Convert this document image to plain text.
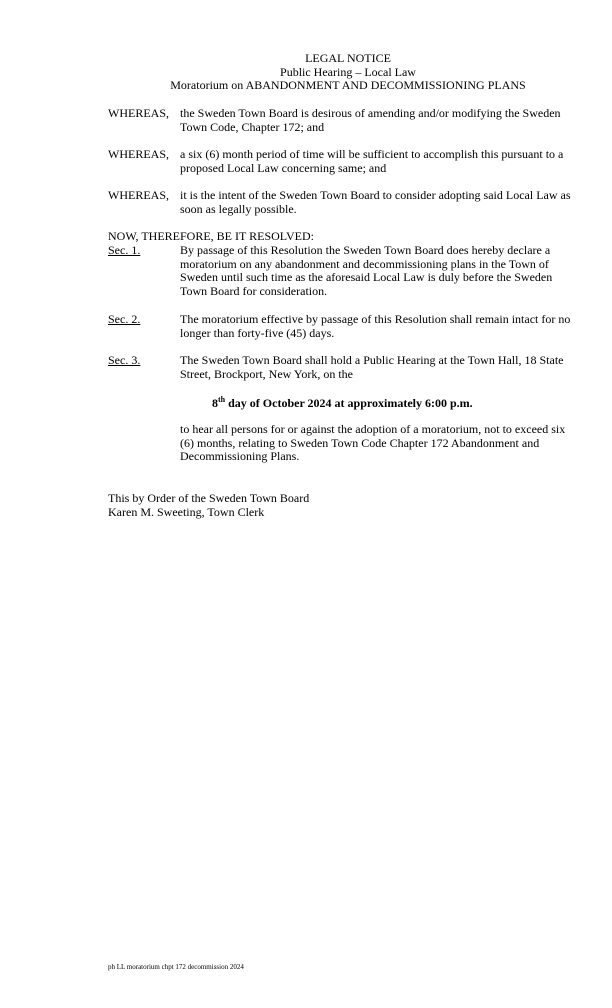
LEGAL NOTICE
Public Hearing – Local Law
Moratorium on ABANDONMENT AND DECOMMISSIONING PLANS
WHEREAS, the Sweden Town Board is desirous of amending and/or modifying the Sweden Town Code, Chapter 172; and
WHEREAS, a six (6) month period of time will be sufficient to accomplish this pursuant to a proposed Local Law concerning same; and
WHEREAS, it is the intent of the Sweden Town Board to consider adopting said Local Law as soon as legally possible.
NOW, THEREFORE, BE IT RESOLVED:
Sec. 1.	By passage of this Resolution the Sweden Town Board does hereby declare a moratorium on any abandonment and decommissioning plans in the Town of Sweden until such time as the aforesaid Local Law is duly before the Sweden Town Board for consideration.
Sec. 2.	The moratorium effective by passage of this Resolution shall remain intact for no longer than forty-five (45) days.
Sec. 3.	The Sweden Town Board shall hold a Public Hearing at the Town Hall, 18 State Street, Brockport, New York, on the
8th day of October 2024 at approximately 6:00 p.m.
to hear all persons for or against the adoption of a moratorium, not to exceed six (6) months, relating to Sweden Town Code Chapter 172 Abandonment and Decommissioning Plans.
This by Order of the Sweden Town Board
Karen M. Sweeting, Town Clerk
ph LL moratorium chpt 172 decommission 2024
